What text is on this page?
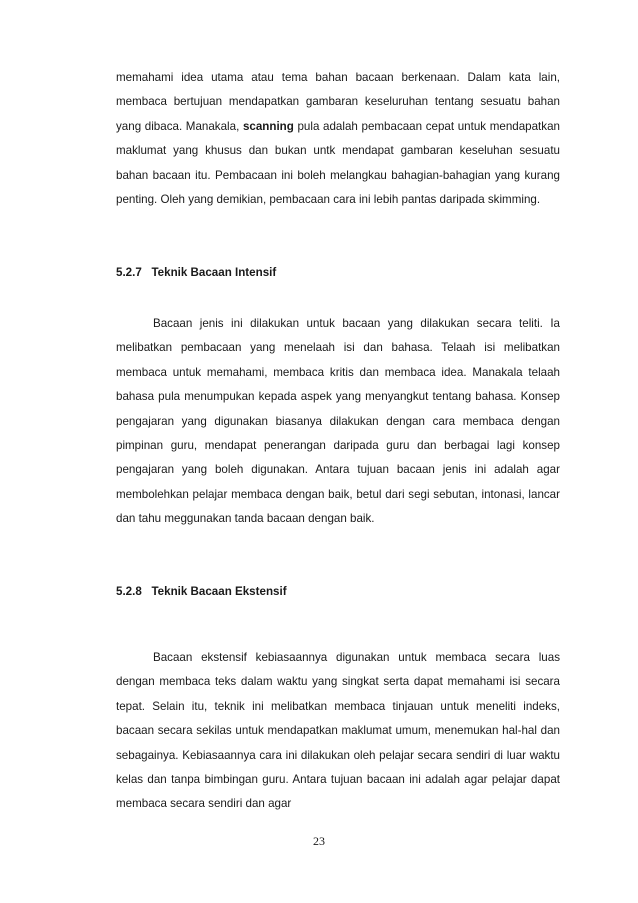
memahami idea utama atau tema bahan bacaan berkenaan. Dalam kata lain, membaca bertujuan mendapatkan gambaran keseluruhan tentang sesuatu bahan yang dibaca. Manakala, scanning pula adalah pembacaan cepat untuk mendapatkan maklumat yang khusus dan bukan untk mendapat gambaran keseluhan sesuatu bahan bacaan itu. Pembacaan ini boleh melangkau bahagian-bahagian yang kurang penting. Oleh yang demikian, pembacaan cara ini lebih pantas daripada skimming.

5.2.7   Teknik Bacaan Intensif

Bacaan jenis ini dilakukan untuk bacaan yang dilakukan secara teliti. Ia melibatkan pembacaan yang menelaah isi dan bahasa. Telaah isi melibatkan membaca untuk memahami, membaca kritis dan membaca idea. Manakala telaah bahasa pula menumpukan kepada aspek yang menyangkut tentang bahasa. Konsep pengajaran yang digunakan biasanya dilakukan dengan cara membaca dengan pimpinan guru, mendapat penerangan daripada guru dan berbagai lagi konsep pengajaran yang boleh digunakan. Antara tujuan bacaan jenis ini adalah agar membolehkan pelajar membaca dengan baik, betul dari segi sebutan, intonasi, lancar dan tahu meggunakan tanda bacaan dengan baik.

5.2.8   Teknik Bacaan Ekstensif

Bacaan ekstensif kebiasaannya digunakan untuk membaca secara luas dengan membaca teks dalam waktu yang singkat serta dapat memahami isi secara tepat. Selain itu, teknik ini melibatkan membaca tinjauan untuk meneliti indeks, bacaan secara sekilas untuk mendapatkan maklumat umum, menemukan hal-hal dan sebagainya. Kebiasaannya cara ini dilakukan oleh pelajar secara sendiri di luar waktu kelas dan tanpa bimbingan guru. Antara tujuan bacaan ini adalah agar pelajar dapat membaca secara sendiri dan agar

23
